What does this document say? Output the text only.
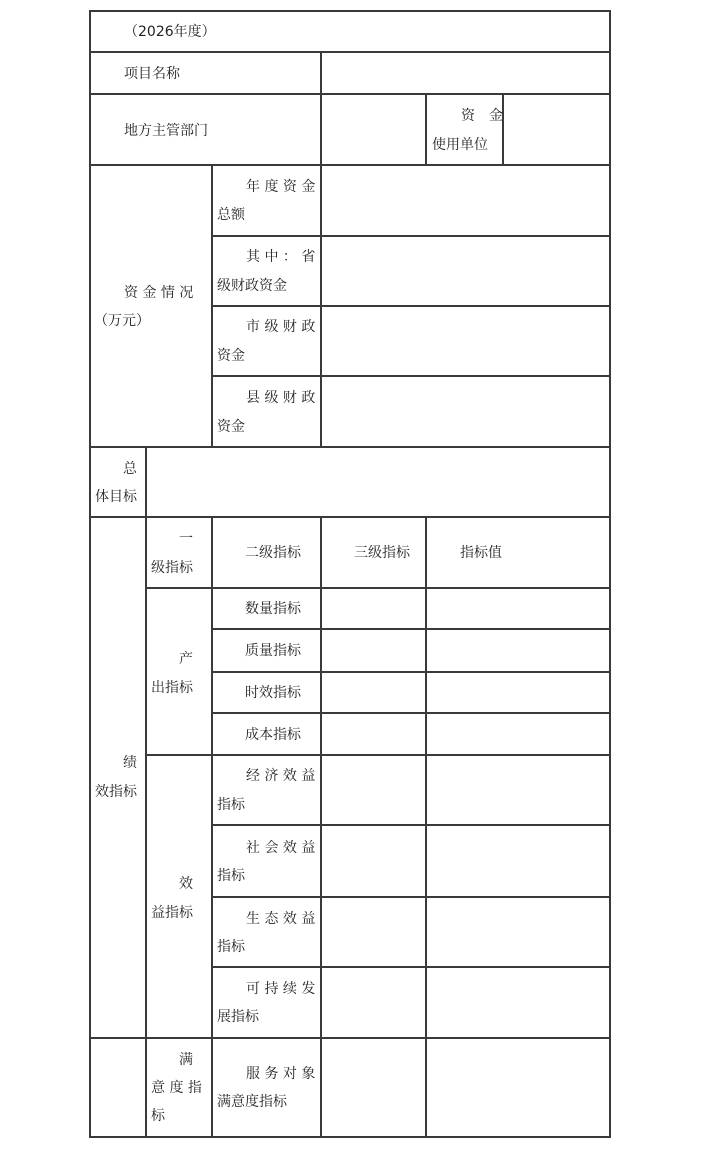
（2026年度）
项目名称
地方主管部门
资　金
使用单位
资 金 情 况
（万元）
年 度 资 金
总额
其 中 ： 省
级财政资金
市 级 财 政
资金
县 级 财 政
资金
总
体目标
绩
效指标
一
级指标
二级指标	三级指标	指标值
产
出指标
数量指标
质量指标
时效指标
成本指标
效
益指标
经 济 效 益
指标
社 会 效 益
指标
生 态 效 益
指标
可 持 续 发
展指标
满
意 度 指
标
服 务 对 象
满意度指标
